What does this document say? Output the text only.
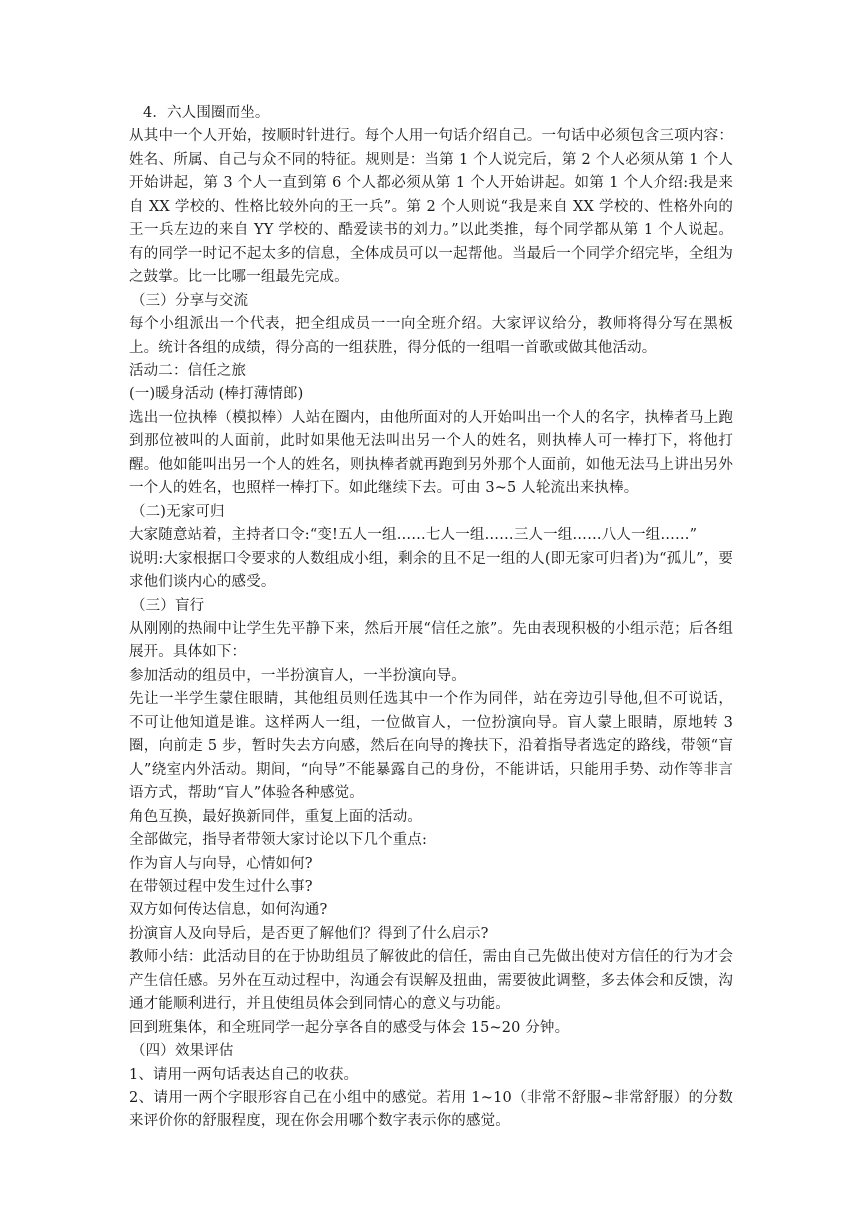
4．六人围圈而坐。

从其中一个人开始，按顺时针进行。每个人用一句话介绍自己。一句话中必须包含三项内容：姓名、所属、自己与众不同的特征。规则是：当第 1 个人说完后，第 2 个人必须从第 1 个人开始讲起，第 3 个人一直到第 6 个人都必须从第 1 个人开始讲起。如第 1 个人介绍:我是来自 XX 学校的、性格比较外向的王一兵”。第 2 个人则说“我是来自 XX 学校的、性格外向的王一兵左边的来自 YY 学校的、酷爱读书的刘力。”以此类推，每个同学都从第 1 个人说起。有的同学一时记不起太多的信息，全体成员可以一起帮他。当最后一个同学介绍完毕，全组为之鼓掌。比一比哪一组最先完成。

（三）分享与交流

每个小组派出一个代表，把全组成员一一向全班介绍。大家评议给分，教师将得分写在黑板上。统计各组的成绩，得分高的一组获胜，得分低的一组唱一首歌或做其他活动。

活动二：信任之旅

(一)暖身活动 (棒打薄情郎)

选出一位执棒（模拟棒）人站在圈内，由他所面对的人开始叫出一个人的名字，执棒者马上跑到那位被叫的人面前，此时如果他无法叫出另一个人的姓名，则执棒人可一棒打下，将他打醒。他如能叫出另一个人的姓名，则执棒者就再跑到另外那个人面前，如他无法马上讲出另外一个人的姓名，也照样一棒打下。如此继续下去。可由 3~5 人轮流出来执棒。

（二)无家可归

大家随意站着，主持者口令:“变!五人一组……七人一组……三人一组……八人一组……”

说明:大家根据口令要求的人数组成小组，剩余的且不足一组的人(即无家可归者)为“孤儿”，要求他们谈内心的感受。

（三）盲行

从刚刚的热闹中让学生先平静下来，然后开展“信任之旅”。先由表现积极的小组示范；后各组展开。具体如下：

参加活动的组员中，一半扮演盲人，一半扮演向导。

先让一半学生蒙住眼睛，其他组员则任选其中一个作为同伴，站在旁边引导他,但不可说话，不可让他知道是谁。这样两人一组，一位做盲人，一位扮演向导。盲人蒙上眼睛，原地转 3 圈，向前走 5 步，暂时失去方向感，然后在向导的搀扶下，沿着指导者选定的路线，带领“盲人”绕室内外活动。期间，“向导”不能暴露自己的身份，不能讲话，只能用手势、动作等非言语方式，帮助“盲人”体验各种感觉。

角色互换，最好换新同伴，重复上面的活动。

全部做完，指导者带领大家讨论以下几个重点:

作为盲人与向导，心情如何?

在带领过程中发生过什么事?

双方如何传达信息，如何沟通?

扮演盲人及向导后，是否更了解他们？得到了什么启示?

教师小结：此活动目的在于协助组员了解彼此的信任，需由自己先做出使对方信任的行为才会产生信任感。另外在互动过程中，沟通会有误解及扭曲，需要彼此调整，多去体会和反馈，沟通才能顺利进行，并且使组员体会到同情心的意义与功能。

回到班集体，和全班同学一起分享各自的感受与体会 15~20 分钟。

（四）效果评估

1、请用一两句话表达自己的收获。

2、请用一两个字眼形容自己在小组中的感觉。若用 1~10（非常不舒服~非常舒服）的分数来评价你的舒服程度，现在你会用哪个数字表示你的感觉。
